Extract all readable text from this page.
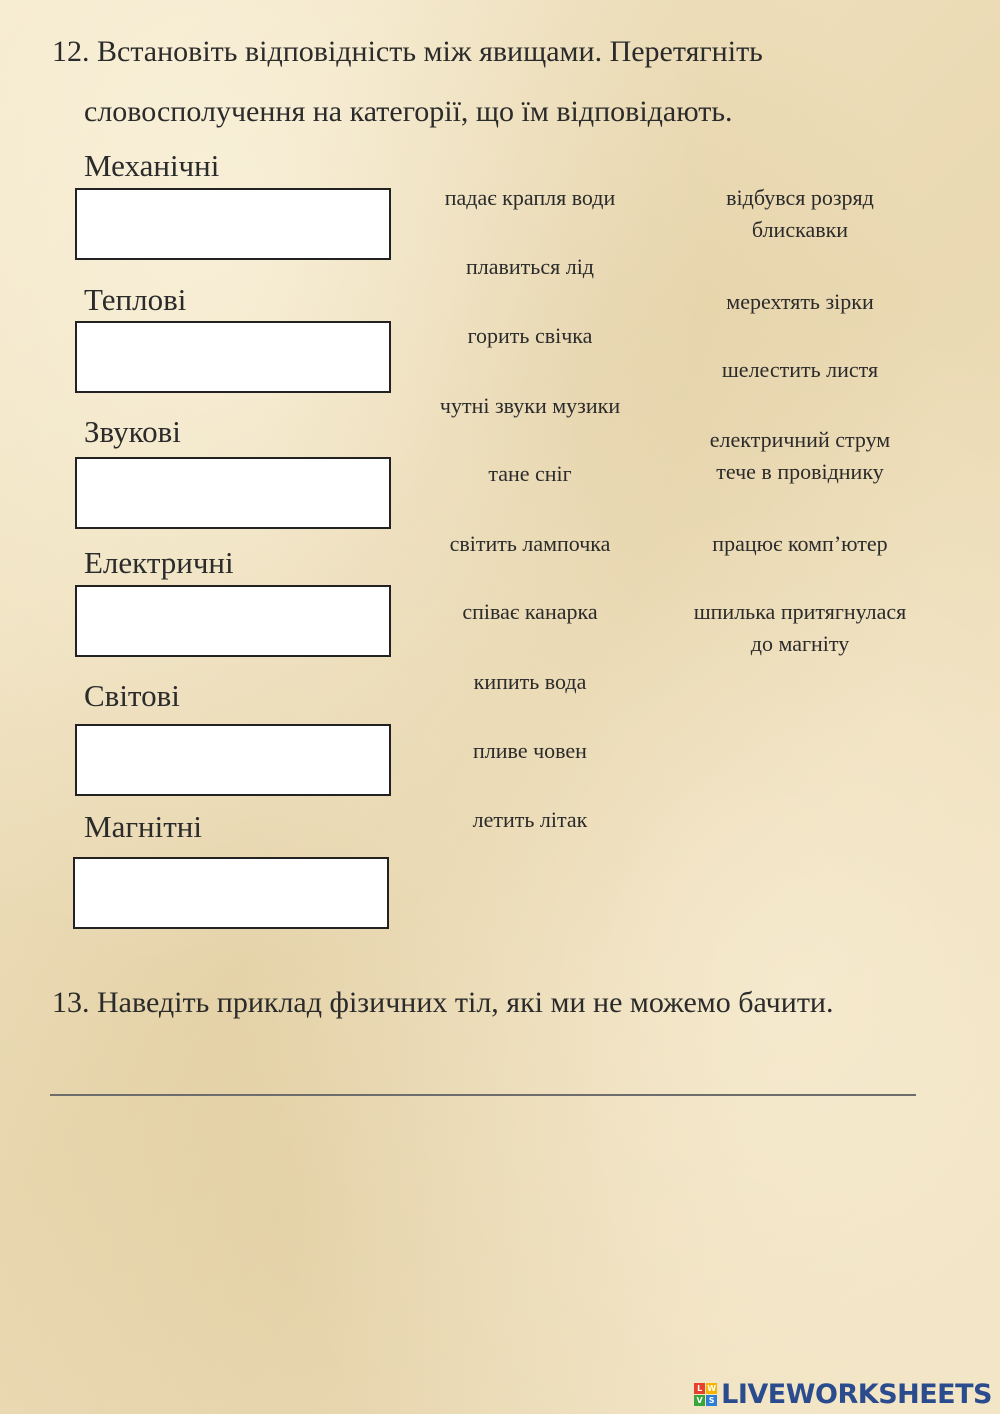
12. Встановіть відповідність між явищами. Перетягніть
словосполучення на категорії, що їм відповідають.
Механічні
Теплові
Звукові
Електричні
Світові
Магнітні
падає крапля води
плавиться лід
горить свічка
чутні звуки музики
тане сніг
світить лампочка
співає канарка
кипить вода
пливе човен
летить літак
відбувся розряд
блискавки
мерехтять зірки
шелестить листя
електричний струм
тече в провіднику
працює комп’ютер
шпилька притягнулася
до магніту
13. Наведіть приклад фізичних тіл, які ми не можемо бачити.
L W
V S LIVEWORKSHEETS
